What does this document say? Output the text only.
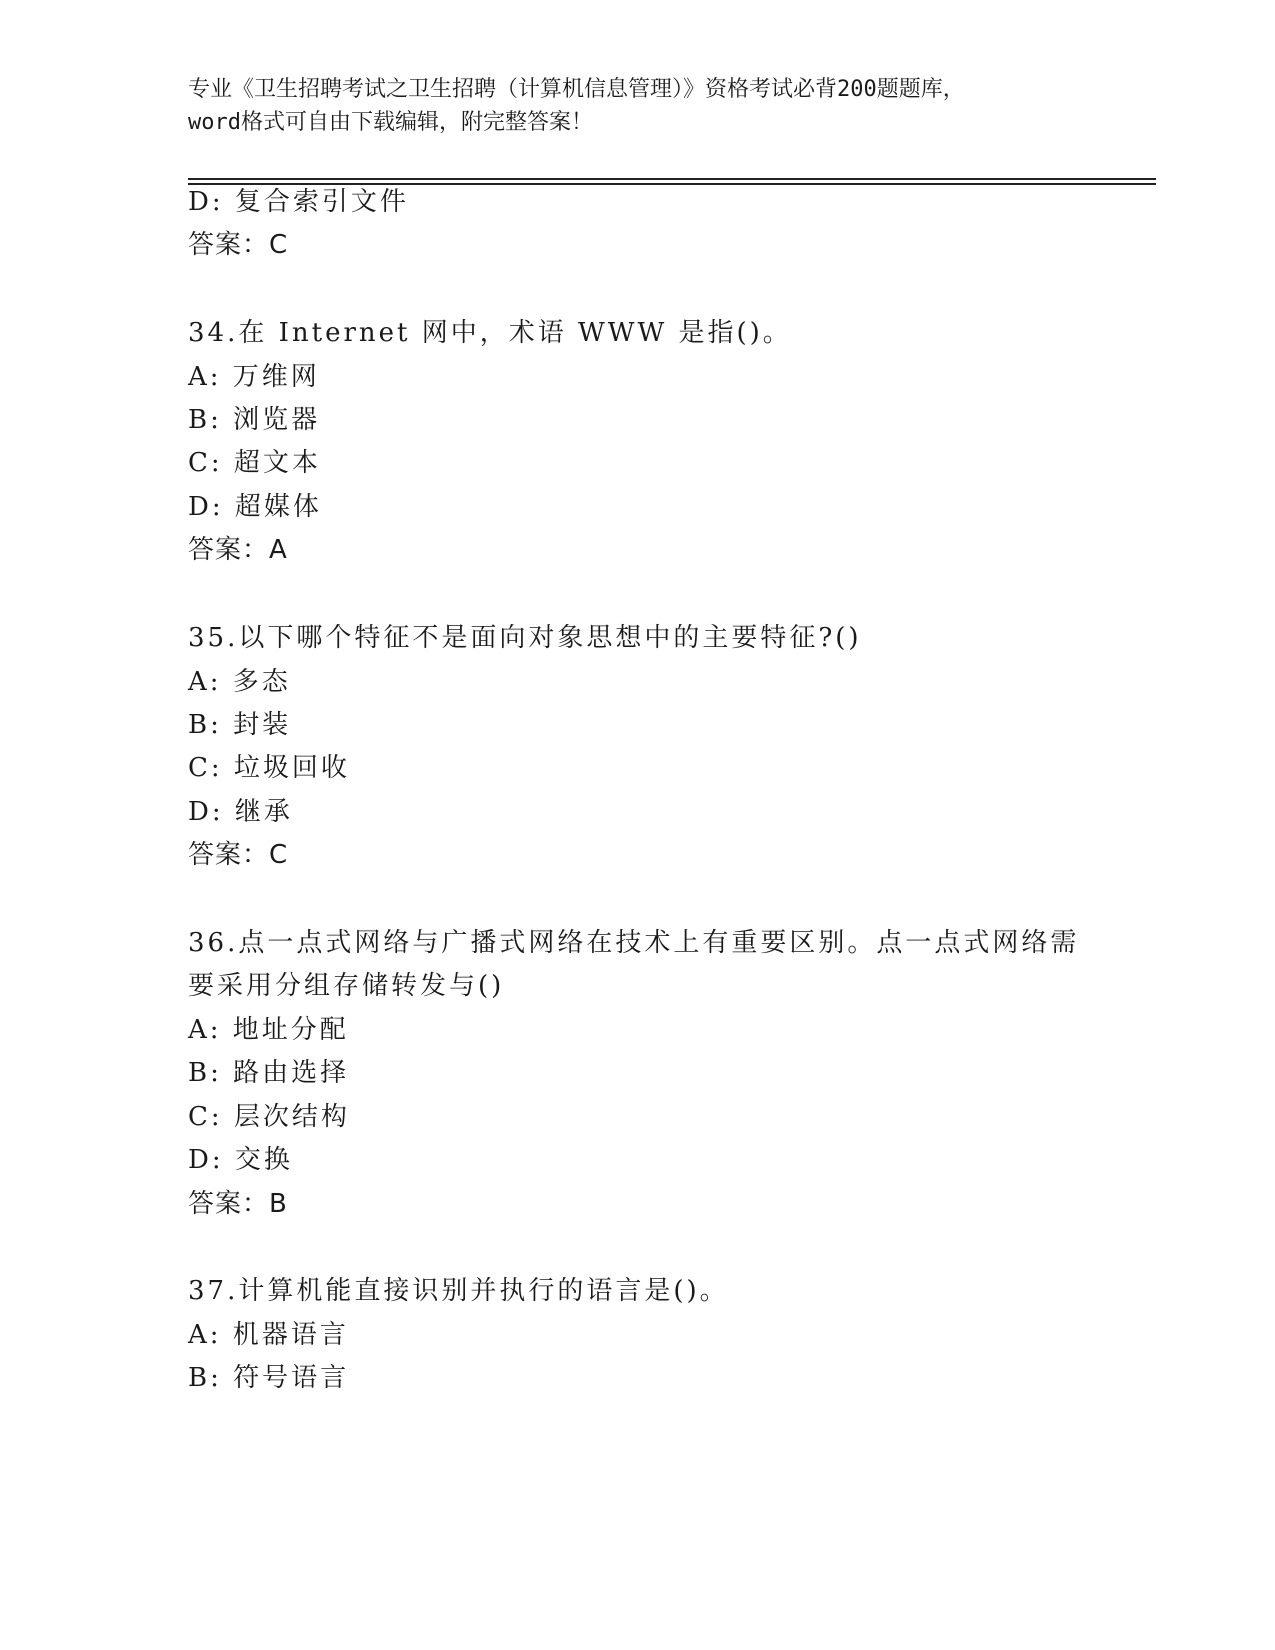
专业《卫生招聘考试之卫生招聘（计算机信息管理）》资格考试必背200题题库，
word格式可自由下载编辑，附完整答案！
D: 复合索引文件
答案：C
34.在 Internet 网中，术语 WWW 是指()。
A: 万维网
B: 浏览器
C: 超文本
D: 超媒体
答案：A
35.以下哪个特征不是面向对象思想中的主要特征?()
A: 多态
B: 封装
C: 垃圾回收
D: 继承
答案：C
36.点一点式网络与广播式网络在技术上有重要区别。点一点式网络需
要采用分组存储转发与()
A: 地址分配
B: 路由选择
C: 层次结构
D: 交换
答案：B
37.计算机能直接识别并执行的语言是()。
A: 机器语言
B: 符号语言
